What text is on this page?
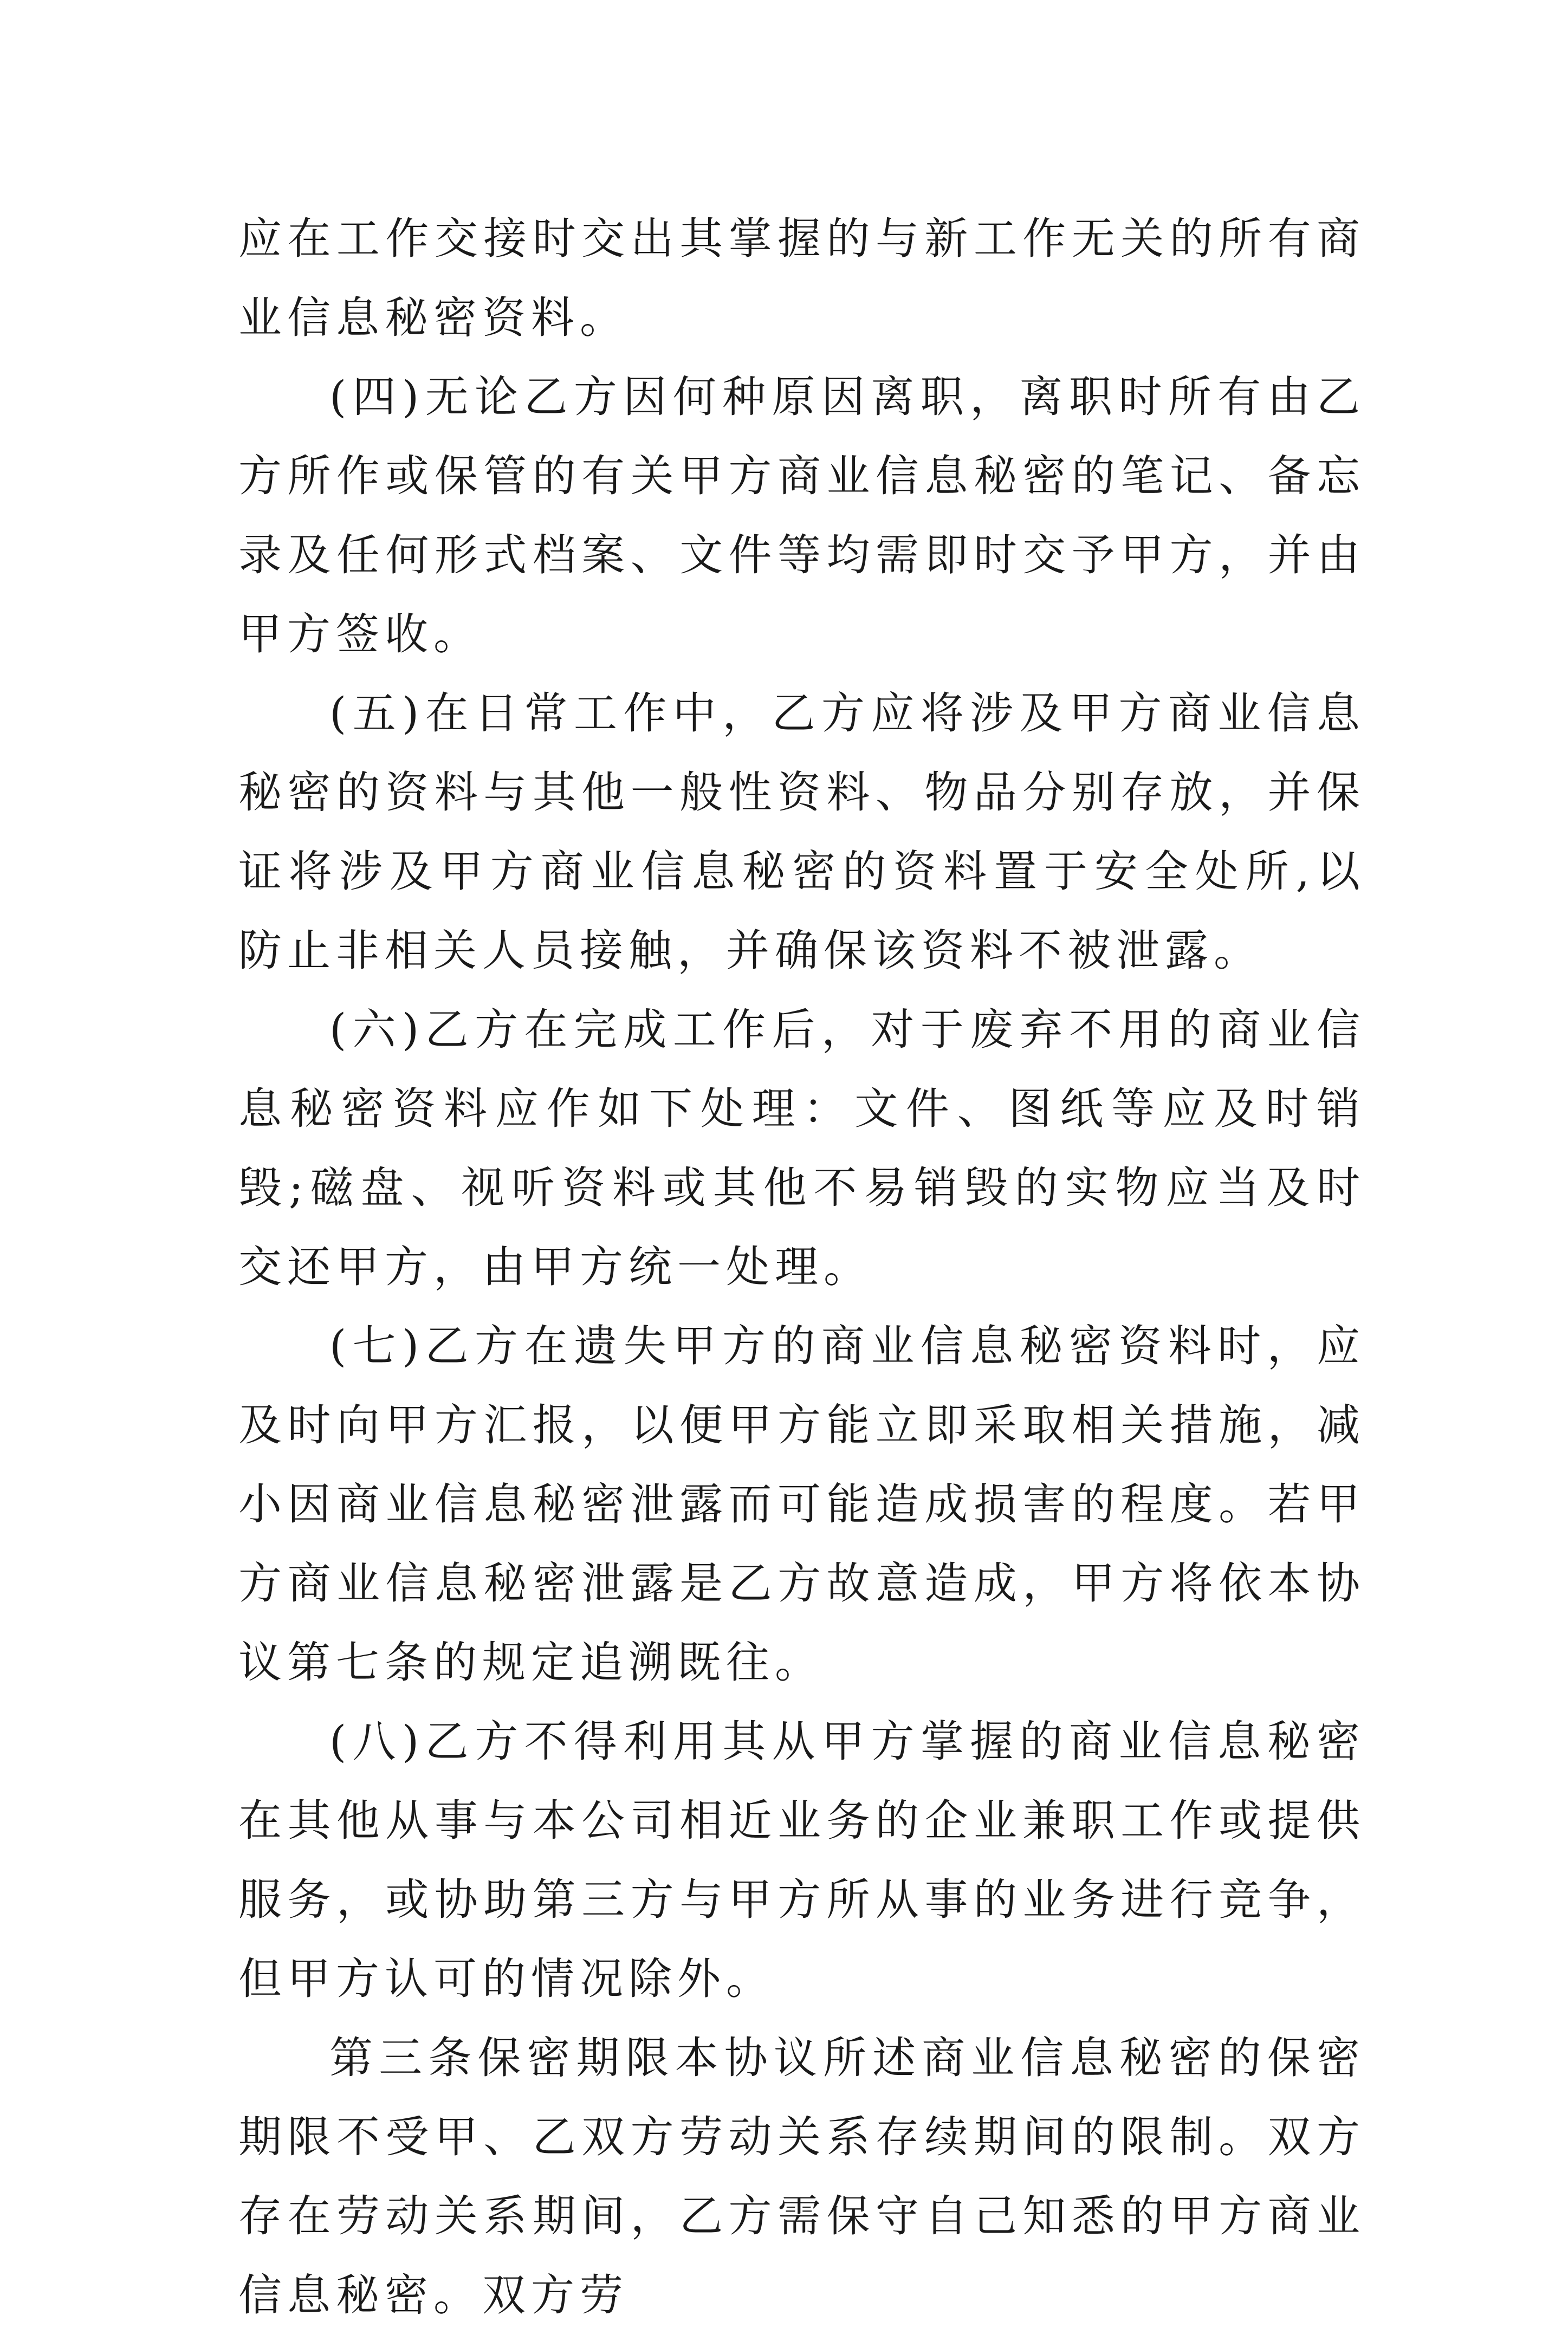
应在工作交接时交出其掌握的与新工作无关的所有商业信息秘密资料。

(四)无论乙方因何种原因离职，离职时所有由乙方所作或保管的有关甲方商业信息秘密的笔记、备忘录及任何形式档案、文件等均需即时交予甲方，并由甲方签收。

(五)在日常工作中，乙方应将涉及甲方商业信息秘密的资料与其他一般性资料、物品分别存放，并保证将涉及甲方商业信息秘密的资料置于安全处所,以防止非相关人员接触，并确保该资料不被泄露。

(六)乙方在完成工作后，对于废弃不用的商业信息秘密资料应作如下处理：文件、图纸等应及时销毁;磁盘、视听资料或其他不易销毁的实物应当及时交还甲方，由甲方统一处理。

(七)乙方在遗失甲方的商业信息秘密资料时，应及时向甲方汇报，以便甲方能立即采取相关措施，减小因商业信息秘密泄露而可能造成损害的程度。若甲方商业信息秘密泄露是乙方故意造成，甲方将依本协议第七条的规定追溯既往。

(八)乙方不得利用其从甲方掌握的商业信息秘密在其他从事与本公司相近业务的企业兼职工作或提供服务，或协助第三方与甲方所从事的业务进行竞争，但甲方认可的情况除外。

第三条保密期限本协议所述商业信息秘密的保密期限不受甲、乙双方劳动关系存续期间的限制。双方存在劳动关系期间，乙方需保守自己知悉的甲方商业信息秘密。双方劳
